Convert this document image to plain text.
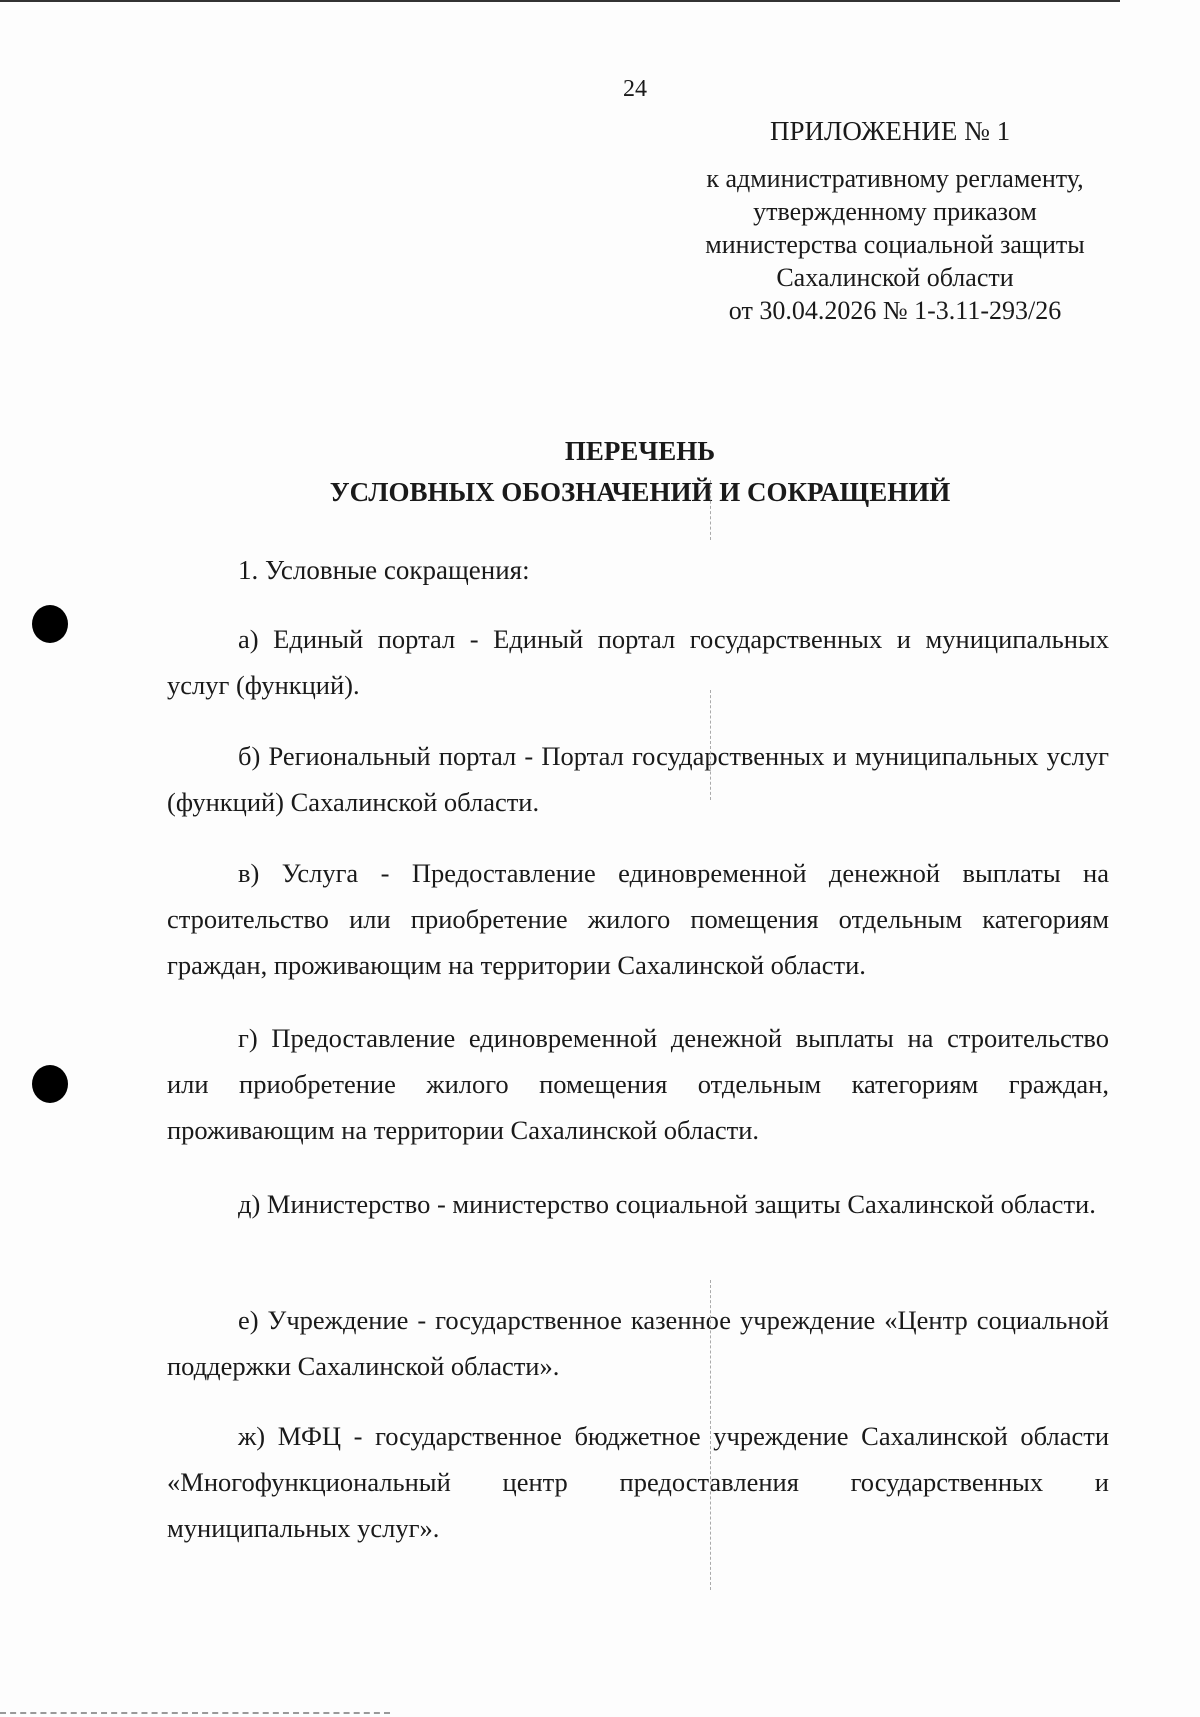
24
ПРИЛОЖЕНИЕ № 1
к административному регламенту,
утвержденному приказом
министерства социальной защиты
Сахалинской области
от 30.04.2026 № 1-3.11-293/26
ПЕРЕЧЕНЬ
УСЛОВНЫХ ОБОЗНАЧЕНИЙ И СОКРАЩЕНИЙ
1. Условные сокращения:
а) Единый портал - Единый портал государственных и муниципальных услуг (функций).
б) Региональный портал - Портал государственных и муниципальных услуг (функций) Сахалинской области.
в) Услуга - Предоставление единовременной денежной выплаты на строительство или приобретение жилого помещения отдельным категориям граждан, проживающим на территории Сахалинской области.
г) Предоставление единовременной денежной выплаты на строительство или приобретение жилого помещения отдельным категориям граждан, проживающим на территории Сахалинской области.
д) Министерство - министерство социальной защиты Сахалинской области.
е) Учреждение - государственное казенное учреждение «Центр социальной поддержки Сахалинской области».
ж) МФЦ - государственное бюджетное учреждение Сахалинской области «Многофункциональный центр предоставления государственных и муниципальных услуг».
